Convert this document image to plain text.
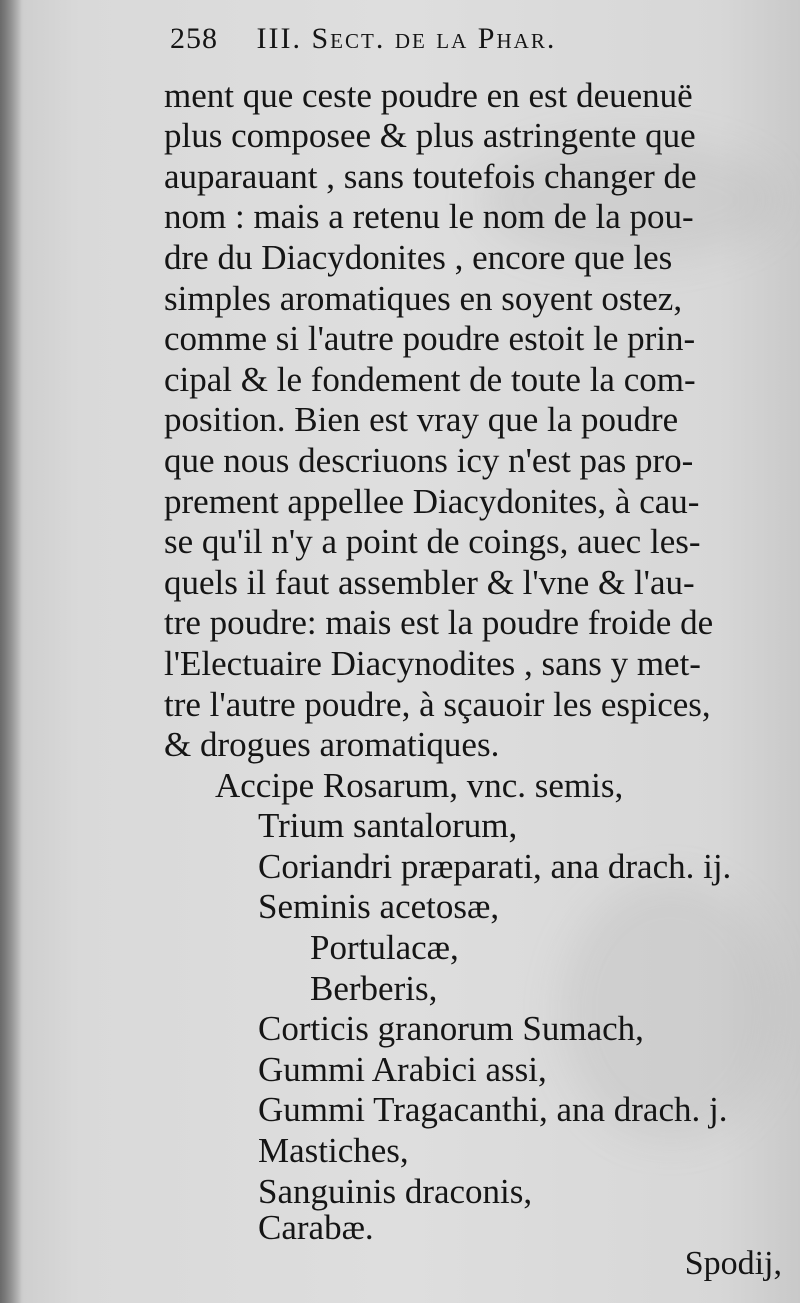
258 III. Sect. de la Phar.
ment que ceste poudre en est deuenuë
plus composee & plus astringente que
auparauant , sans toutefois changer de
nom : mais a retenu le nom de la pou-
dre du Diacydonites , encore que les
simples aromatiques en soyent ostez,
comme si l'autre poudre estoit le prin-
cipal & le fondement de toute la com-
position. Bien est vray que la poudre
que nous descriuons icy n'est pas pro-
prement appellee Diacydonites, à cau-
se qu'il n'y a point de coings, auec les-
quels il faut assembler & l'vne & l'au-
tre poudre: mais est la poudre froide de
l'Electuaire Diacynodites , sans y met-
tre l'autre poudre, à sçauoir les espices,
& drogues aromatiques.
Accipe Rosarum, vnc. semis,
Trium santalorum,
Coriandri præparati, ana drach. ij.
Seminis acetosæ,
Portulacæ,
Berberis,
Corticis granorum Sumach,
Gummi Arabici assi,
Gummi Tragacanthi, ana drach. j.
Mastiches,
Sanguinis draconis,
Carabæ.
Spodij,
